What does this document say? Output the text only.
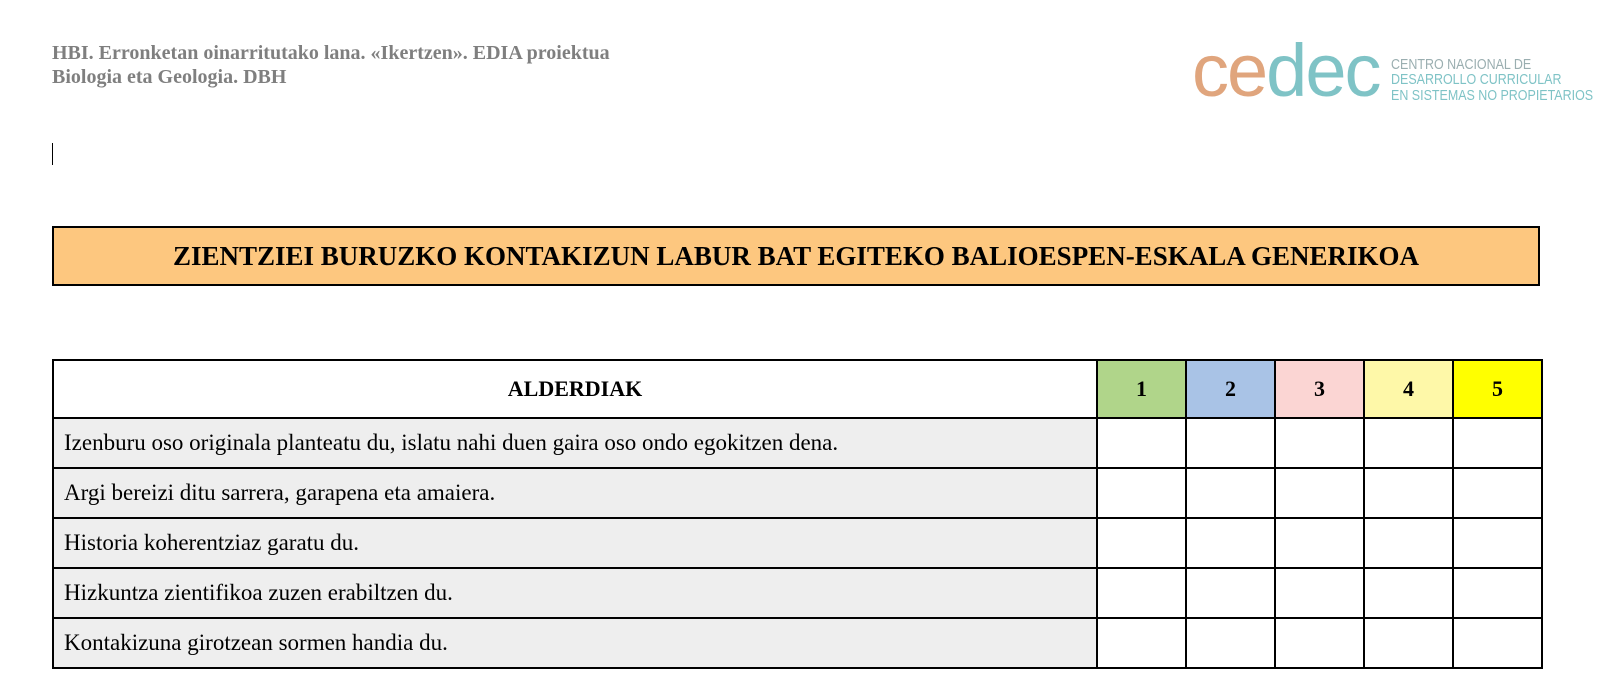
HBI. Erronketan oinarritutako lana. «Ikertzen». EDIA proiektua
Biologia eta Geologia. DBH	cedec CENTRO NACIONAL DE
DESARROLLO CURRICULAR
EN SISTEMAS NO PROPIETARIOS
ZIENTZIEI BURUZKO KONTAKIZUN LABUR BAT EGITEKO BALIOESPEN-ESKALA GENERIKOA
ALDERDIAK	1	2	3	4	5
Izenburu oso originala planteatu du, islatu nahi duen gaira oso ondo egokitzen dena.					
Argi bereizi ditu sarrera, garapena eta amaiera.					
Historia koherentziaz garatu du.					
Hizkuntza zientifikoa zuzen erabiltzen du.					
Kontakizuna girotzean sormen handia du.					
